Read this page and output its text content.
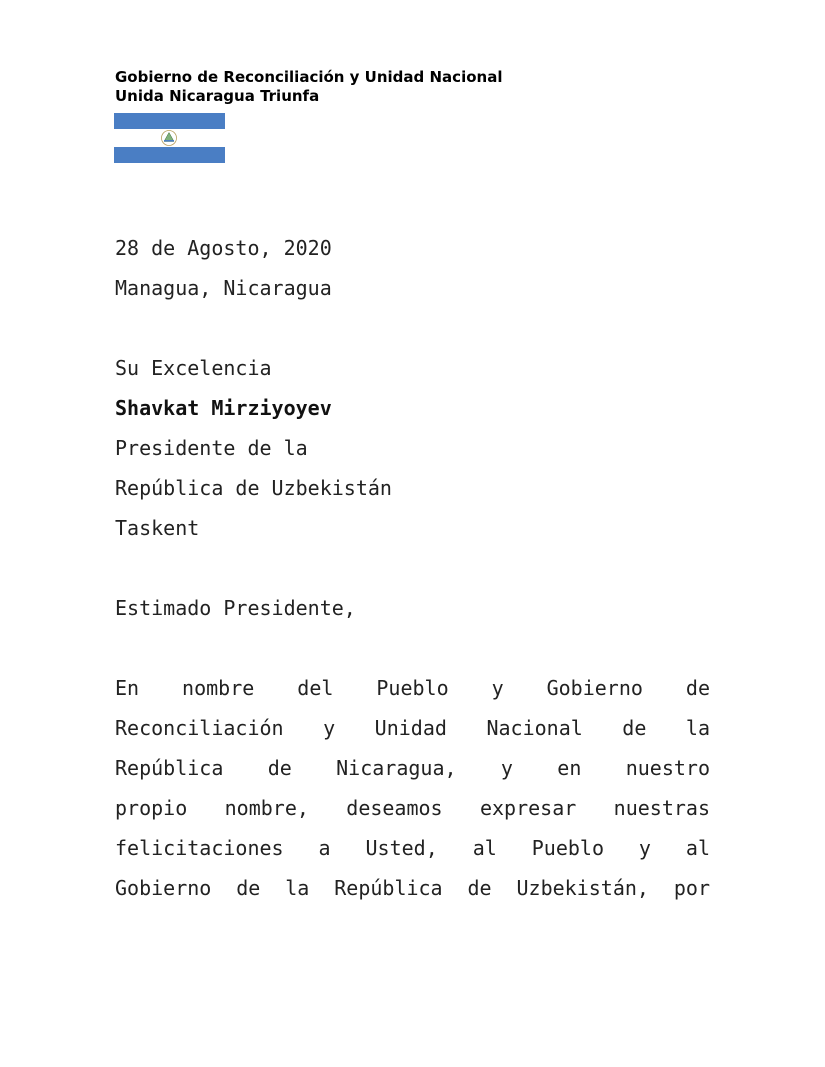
Gobierno de Reconciliación y Unidad Nacional
Unida Nicaragua Triunfa
28 de Agosto, 2020
Managua, Nicaragua
Su Excelencia
Shavkat Mirziyoyev
Presidente de la
República de Uzbekistán
Taskent
Estimado Presidente,
En nombre del Pueblo y Gobierno de
Reconciliación y Unidad Nacional de la
República de Nicaragua, y en nuestro
propio nombre, deseamos expresar nuestras
felicitaciones a Usted, al Pueblo y al
Gobierno de la República de Uzbekistán, por
